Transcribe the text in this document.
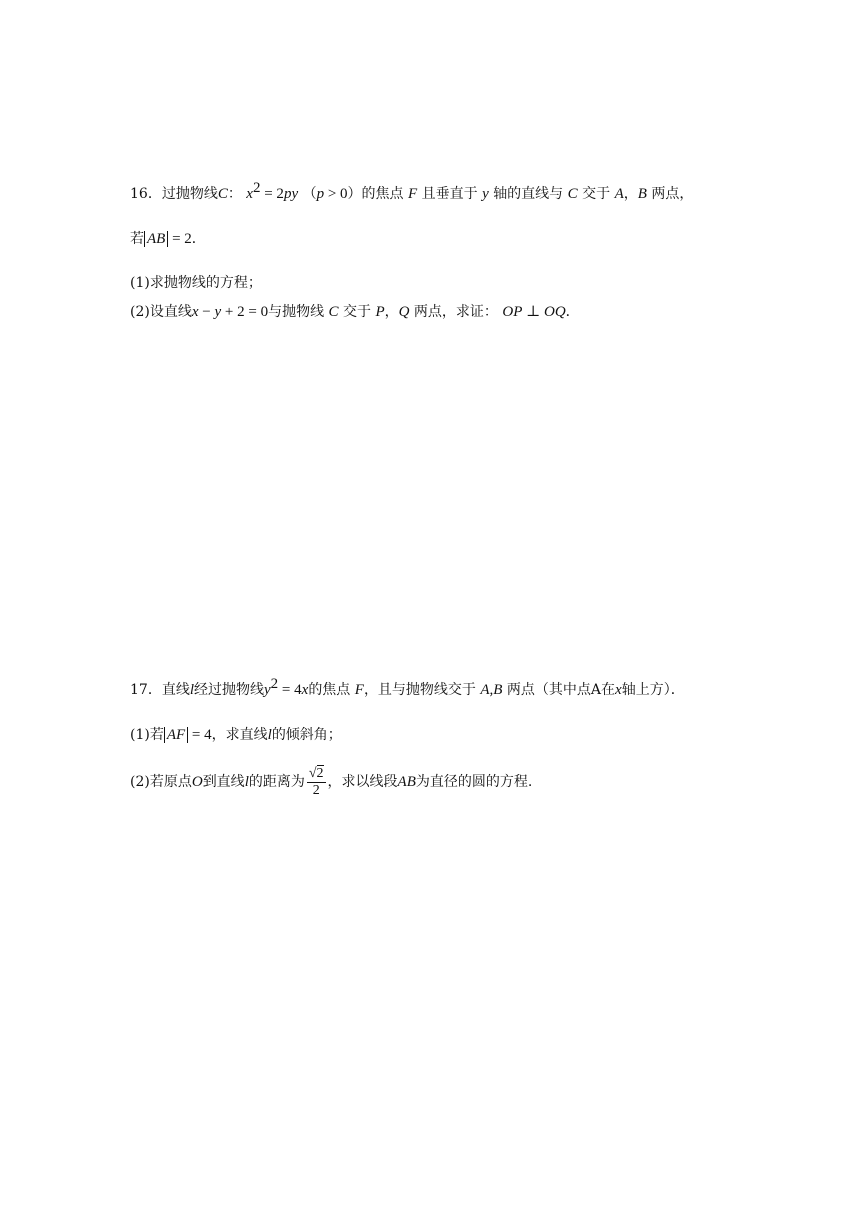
16．过抛物线C： $x^2 = 2py$ （p > 0）的焦点 F 且垂直于 y 轴的直线与 C 交于 A，B 两点，
若 AB = 2．
(1)求抛物线的方程；
(2)设直线x − y + 2 = 0与抛物线 C 交于 P，Q 两点，求证： OP ⊥ OQ．
17．直线l经过抛物线$y^2 = 4x$的焦点 F，且与抛物线交于 A,B 两点（其中点A在x轴上方）．
(1)若 AF = 4，求直线l的倾斜角；
(2)若原点O到直线l的距离为 $\frac{√2}{2}$ ，求以线段AB为直径的圆的方程.
